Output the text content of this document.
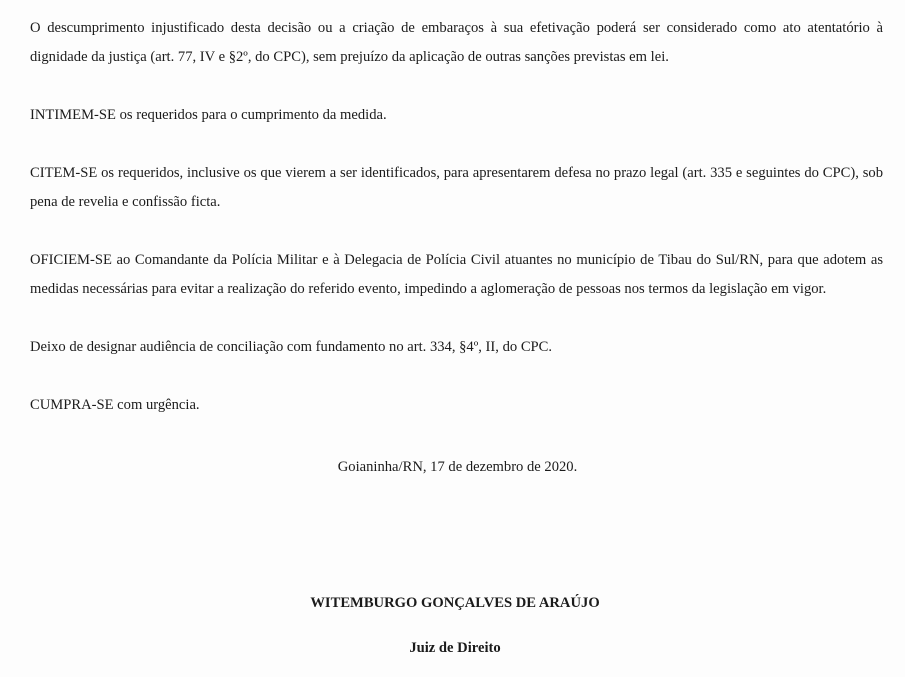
O descumprimento injustificado desta decisão ou a criação de embaraços à sua efetivação poderá ser considerado como ato atentatório à dignidade da justiça (art. 77, IV e §2º, do CPC), sem prejuízo da aplicação de outras sanções previstas em lei.

INTIMEM-SE os requeridos para o cumprimento da medida.

CITEM-SE os requeridos, inclusive os que vierem a ser identificados, para apresentarem defesa no prazo legal (art. 335 e seguintes do CPC), sob pena de revelia e confissão ficta.

OFICIEM-SE ao Comandante da Polícia Militar e à Delegacia de Polícia Civil atuantes no município de Tibau do Sul/RN, para que adotem as medidas necessárias para evitar a realização do referido evento, impedindo a aglomeração de pessoas nos termos da legislação em vigor.

Deixo de designar audiência de conciliação com fundamento no art. 334, §4º, II, do CPC.

CUMPRA-SE com urgência.

Goianinha/RN, 17 de dezembro de 2020.
WITEMBURGO GONÇALVES DE ARAÚJO
Juiz de Direito
